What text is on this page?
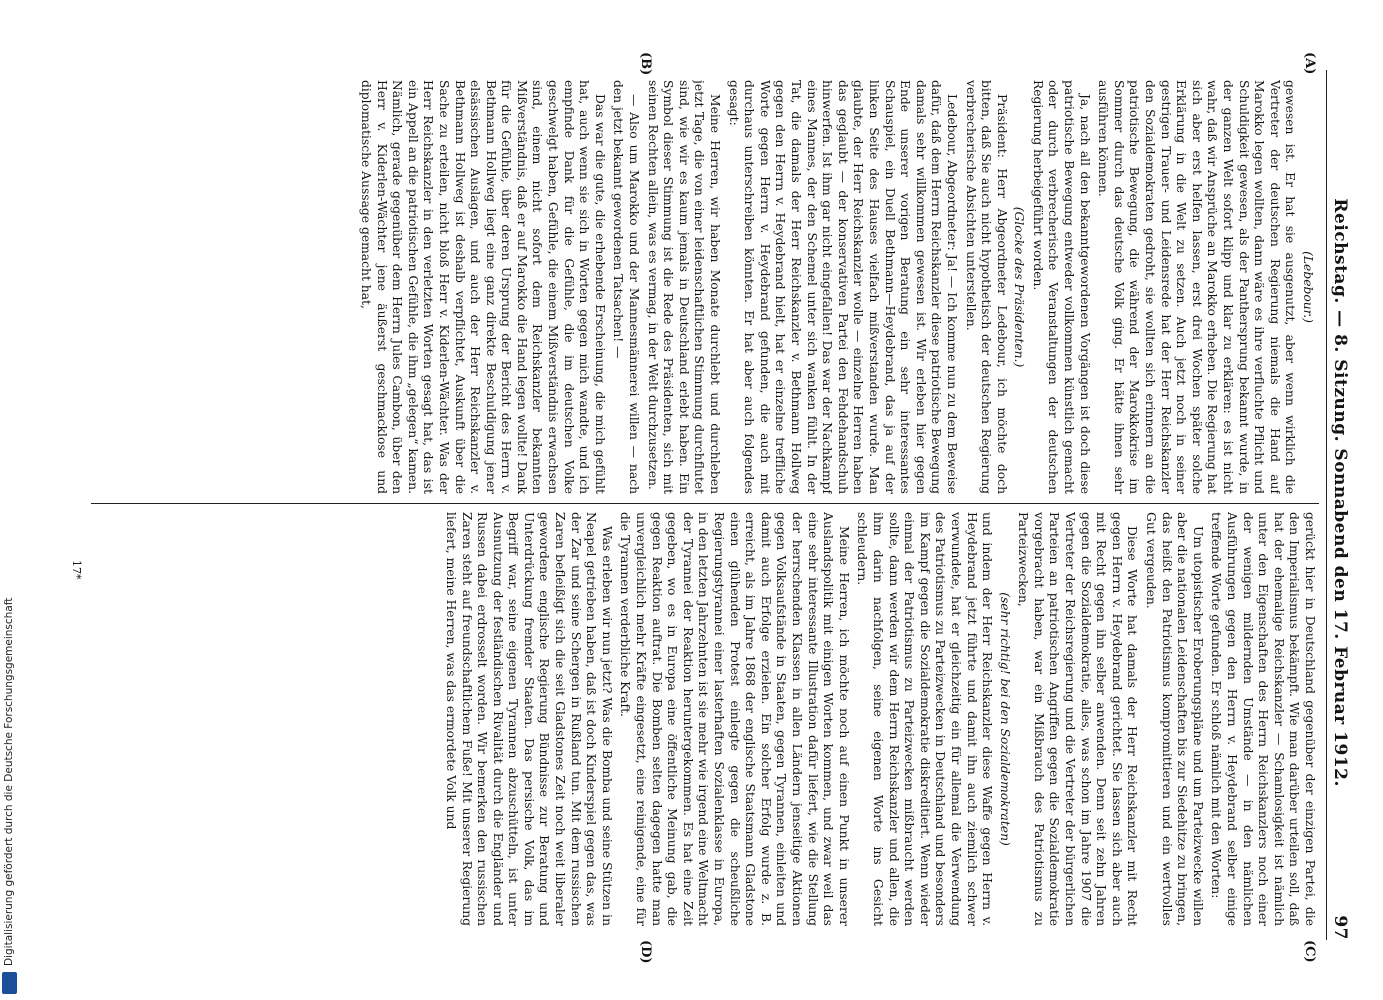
Reichstag. — 8. Sitzung. Sonnabend den 17. Februar 1912.
97
(A)
(B)
(C)
(D)

(Lebebour.)

gewesen ist. Er hat sie ausgenutzt, aber wenn wirklich die Vertreter der deutschen Regierung niemals die Hand auf Marokko legen wollten, dann wäre es ihre verfluchte Pflicht und Schuldigkeit gewesen, als der Panthersprung bekannt wurde, in der ganzen Welt sofort klipp und klar zu erklären: es ist nicht wahr, daß wir Ansprüche an Marokko erheben. Die Regierung hat sich aber erst helfen lassen, erst drei Wochen später solche Erklärung in die Welt zu setzen. Auch jetzt noch in seiner gestrigen Trauer- und Leidensrede hat der Herr Reichskanzler den Sozialdemokraten gedroht, sie wollten sich erinnern an die patriotische Bewegung, die während der Marokkokrise im Sommer durch das deutsche Volk ging. Er hätte ihnen sehr ausführen können.

Ja, nach all den bekanntgewordenen Vorgängen ist doch diese patriotische Bewegung entweder vollkommen künstlich gemacht oder durch verbrecherische Veranstaltungen der deutschen Regierung herbeigeführt worden.

(Glocke des Präsidenten.)

Präsident: Herr Abgeordneter Ledebour, ich möchte doch bitten, daß Sie auch nicht hypothetisch der deutschen Regierung verbrecherische Absichten unterstellen.

Ledebour, Abgeordneter: Ja! — Ich komme nun zu dem Beweise dafür, daß dem Herrn Reichskanzler diese patriotische Bewegung damals sehr willkommen gewesen ist. Wir erleben hier gegen Ende unserer vorigen Beratung ein sehr interessantes Schauspiel, ein Duell Bethmann—Heydebrand, das ja auf der linken Seite des Hauses vielfach mißverstanden wurde. Man glaubte, der Herr Reichskanzler wolle — einzelne Herren haben das geglaubt — der konservativen Partei den Fehdehandschuh hinwerfen. Ist ihm gar nicht eingefallen! Das war der Nachkampf eines Mannes, der den Schemel unter sich wanken fühlt. In der Tat, die damals der Herr Reichskanzler v. Bethmann Hollweg gegen den Herrn v. Heydebrand hielt, hat er einzelne treffliche Worte gegen Herrn v. Heydebrand gefunden, die auch mit durchaus unterschreiben könnten. Er hat aber auch folgendes gesagt:

Meine Herren, wir haben Monate durchlebt und durchleben jetzt Tage, die von einer leidenschaftlichen Stimmung durchflutet sind, wie wir es kaum jemals in Deutschland erlebt haben. Ein Symbol dieser Stimmung ist die Rede des Präsidenten, sich mit seinen Rechten allein, was es vermag, in der Welt durchzusetzen.

— Also um Marokko und der Mannesmännerei willen — nach den jetzt bekannt gewordenen Tatsachen! —

Das war die gute, die erhebende Erscheinung, die mich gefühlt hat, auch wenn sie sich in Worten gegen mich wandte, und ich empfinde Dank für die Gefühle, die im deutschen Volke geschwelgt haben, Gefühle, die einem Mißverständnis erwachsen sind, einem nicht sofort dem Reichskanzler bekannten Mißverständnis, daß er auf Marokko die Hand legen wollte! Dank für die Gefühle, über deren Ursprung der Bericht des Herrn v. Bethmann Hollweg liegt eine ganz direkte Beschuldigung jener elsässischen Auslagen, und auch der Herr Reichskanzler v. Bethmann Hollweg ist deshalb verpflichtet, Auskunft über die Sache zu erteilen, nicht bloß Herr v. Kiderlen-Wächter. Was der Herr Reichskanzler in den verletzten Worten gesagt hat, das ist ein Appell an die patriotischen Gefühle, die ihm „gelegen“ kamen. Nämlich, gerade gegenüber dem Herrn Jules Cambon, über den Herr v. Kiderlen-Wächter jene äußerst geschmacklose und diplomatische Aussage gemacht hat,

gerückt hier in Deutschland gegenüber der einzigen Partei, die den Imperialismus bekämpft. Wie man darüber urteilen soll, daß hat der ehemalige Reichskanzler — Schamlosigkeit ist nämlich unter den Eigenschaften des Herrn Reichskanzlers noch einer der wenigen mildernden Umstände — in den nämlichen Ausführungen gegen den Herrn v. Heydebrand selber einige treffende Worte gefunden. Er schloß nämlich mit den Worten:

Um utopistischer Eroberungspläne und um Parteizwecke willen aber die nationalen Leidenschaften bis zur Siedehitze zu bringen, das heißt den Patriotismus kompromittieren und ein wertvolles Gut vergeuden.

Diese Worte hat damals der Herr Reichskanzler mit Recht gegen Herrn v. Heydebrand gerichtet. Sie lassen sich aber auch mit Recht gegen ihn selber anwenden. Denn seit zehn Jahren gegen die Sozialdemokratie, alles, was schon im Jahre 1907 die Vertreter der Reichsregierung und die Vertreter der bürgerlichen Parteien an patriotischen Angriffen gegen die Sozialdemokratie vorgebracht haben, war ein Mißbrauch des Patriotismus zu Parteizwecken,

(sehr richtig! bei den Sozialdemokraten)

und indem der Herr Reichskanzler diese Waffe gegen Herrn v. Heydebrand jetzt führte und damit ihn auch ziemlich schwer verwundete, hat er gleichzeitig ein für allemal die Verwendung des Patriotismus zu Parteizwecken in Deutschland und besonders im Kampf gegen die Sozialdemokratie diskreditiert. Wenn wieder einmal der Patriotismus zu Parteizwecken mißbraucht werden sollte, dann werden wir dem Herrn Reichskanzler und allen, die ihm darin nachfolgen, seine eigenen Worte ins Gesicht schleudern.

Meine Herren, ich möchte noch auf einen Punkt in unserer Auslandspolitik mit einigen Worten kommen, und zwar weil das eine sehr interessante Illustration dafür liefert, wie die Stellung der herrschenden Klassen in allen Ländern jenseitige Aktionen gegen Volksaufstände in Staaten, gegen Tyrannen, einleiten und damit auch Erfolge erzielen. Ein solcher Erfolg wurde z. B. erreicht, als im Jahre 1868 der englische Staatsmann Gladstone einen glühenden Protest einlegte gegen die scheußliche Regierungstyrannei einer lasterhaften Sozialenklasse in Europa, in den letzten Jahrzehnten ist sie mehr wie irgend eine Weltmacht der Tyrannei der Reaktion heruntergekommen. Es hat eine Zeit gegeben, wo es in Europa eine öffentliche Meinung gab, die gegen Reaktion auftrat. Die Bomben selten dagegen hatte man unvergleichlich mehr Kräfte eingesetzt, eine reinigende, eine für die Tyrannen verderbliche Kraft.

Was erleben wir nun jetzt? Was die Bomba und seine Stützen in Neapel getrieben haben, daß ist doch Kinderspiel gegen das, was der Zar und seine Schergen in Rußland tun. Mit dem russischen Zaren befleißigt sich die seit Gladstones Zeit noch weit liberaler gewordene englische Regierung Bündnisse zur Beratung und Unterdrückung fremder Staaten. Das persische Volk, das im Begriff war, seine eigenen Tyrannen abzuschütteln, ist unter Ausnutzung der festländischen Rivalität durch die Engländer und Russen dabei erdrosselt worden. Wir bemerken den russischen Zaren steht auf freundschaftlichem Fuße! Mit unserer Regierung liefert, meine Herren, was das ermordete Volk und

17*
Digitalisierung gefördert durch die Deutsche Forschungsgemeinschaft
